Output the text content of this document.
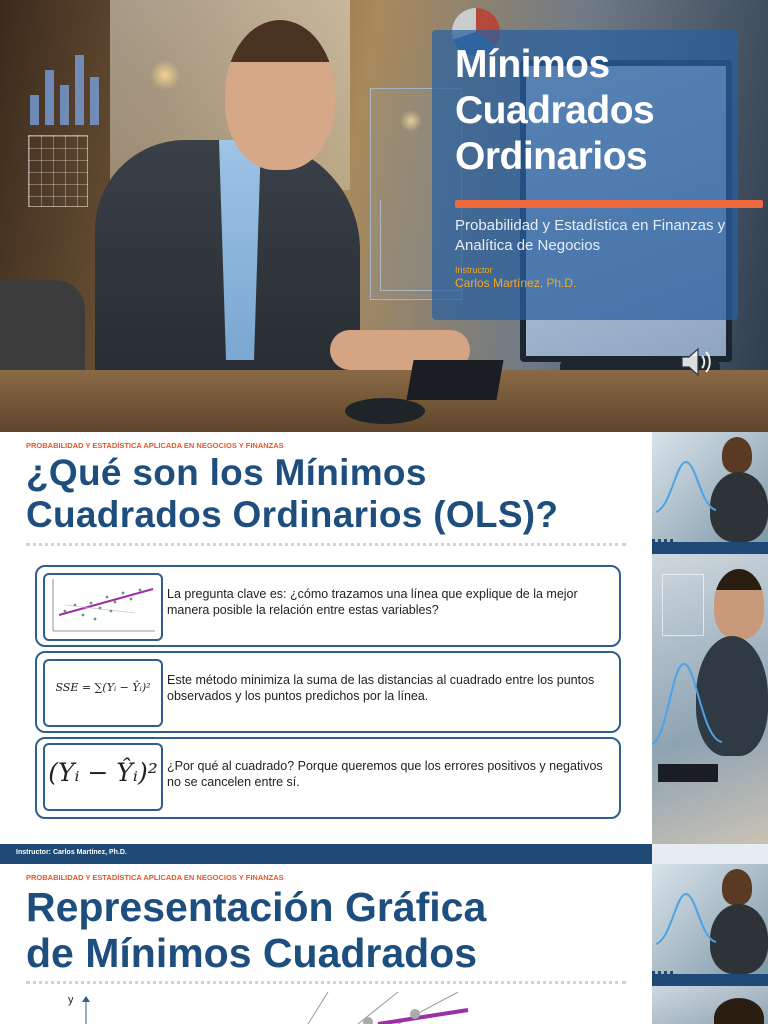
Mínimos
Cuadrados
Ordinarios
Probabilidad y Estadística en Finanzas y Analítica de Negocios
Instructor
Carlos Martínez, Ph.D.
PROBABILIDAD Y ESTADÍSTICA APLICADA EN NEGOCIOS Y FINANZAS
¿Qué son los Mínimos
Cuadrados Ordinarios (OLS)?
La pregunta clave es: ¿cómo trazamos una línea que explique de la mejor manera posible la relación entre estas variables?
SSE = ∑(Yᵢ − Ŷᵢ)²
Este método minimiza la suma de las distancias al cuadrado entre los puntos observados y los puntos predichos por la línea.
(Yᵢ − Ŷᵢ)² ¿Por qué al cuadrado? Porque queremos que los errores positivos y negativos no se cancelen entre sí.
Instructor: Carlos Martínez, Ph.D.
PROBABILIDAD Y ESTADÍSTICA APLICADA EN NEGOCIOS Y FINANZAS
Representación Gráfica
de Mínimos Cuadrados
y
